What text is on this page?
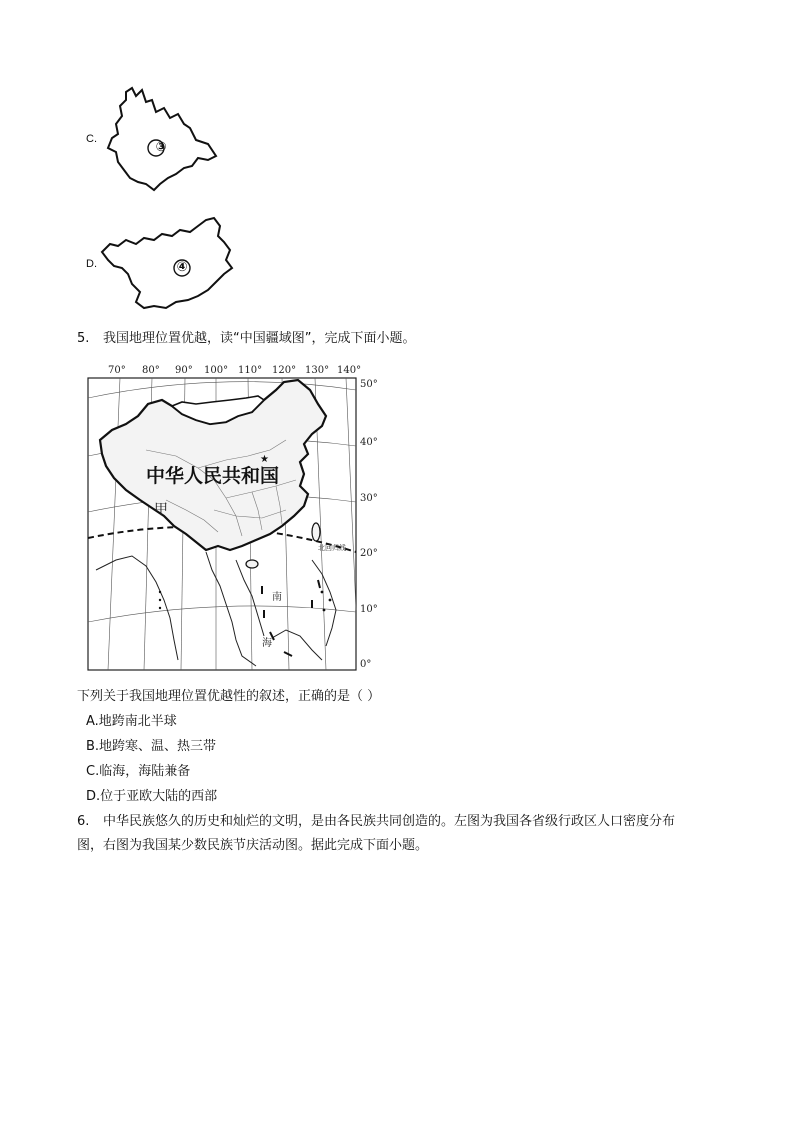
C.
③
D.	④
5. 我国地理位置优越，读“中国疆域图”，完成下面小题。
70° 80° 90° 100° 110° 120° 130° 140°
50°
40°
30°
20°
10°
0°
北回归线
★
中华人民共和国
甲
南
海
下列关于我国地理位置优越性的叙述，正确的是（ ）
A.地跨南北半球
B.地跨寒、温、热三带
C.临海，海陆兼备
D.位于亚欧大陆的西部
6. 中华民族悠久的历史和灿烂的文明，是由各民族共同创造的。左图为我国各省级行政区人口密度分布
图，右图为我国某少数民族节庆活动图。据此完成下面小题。
